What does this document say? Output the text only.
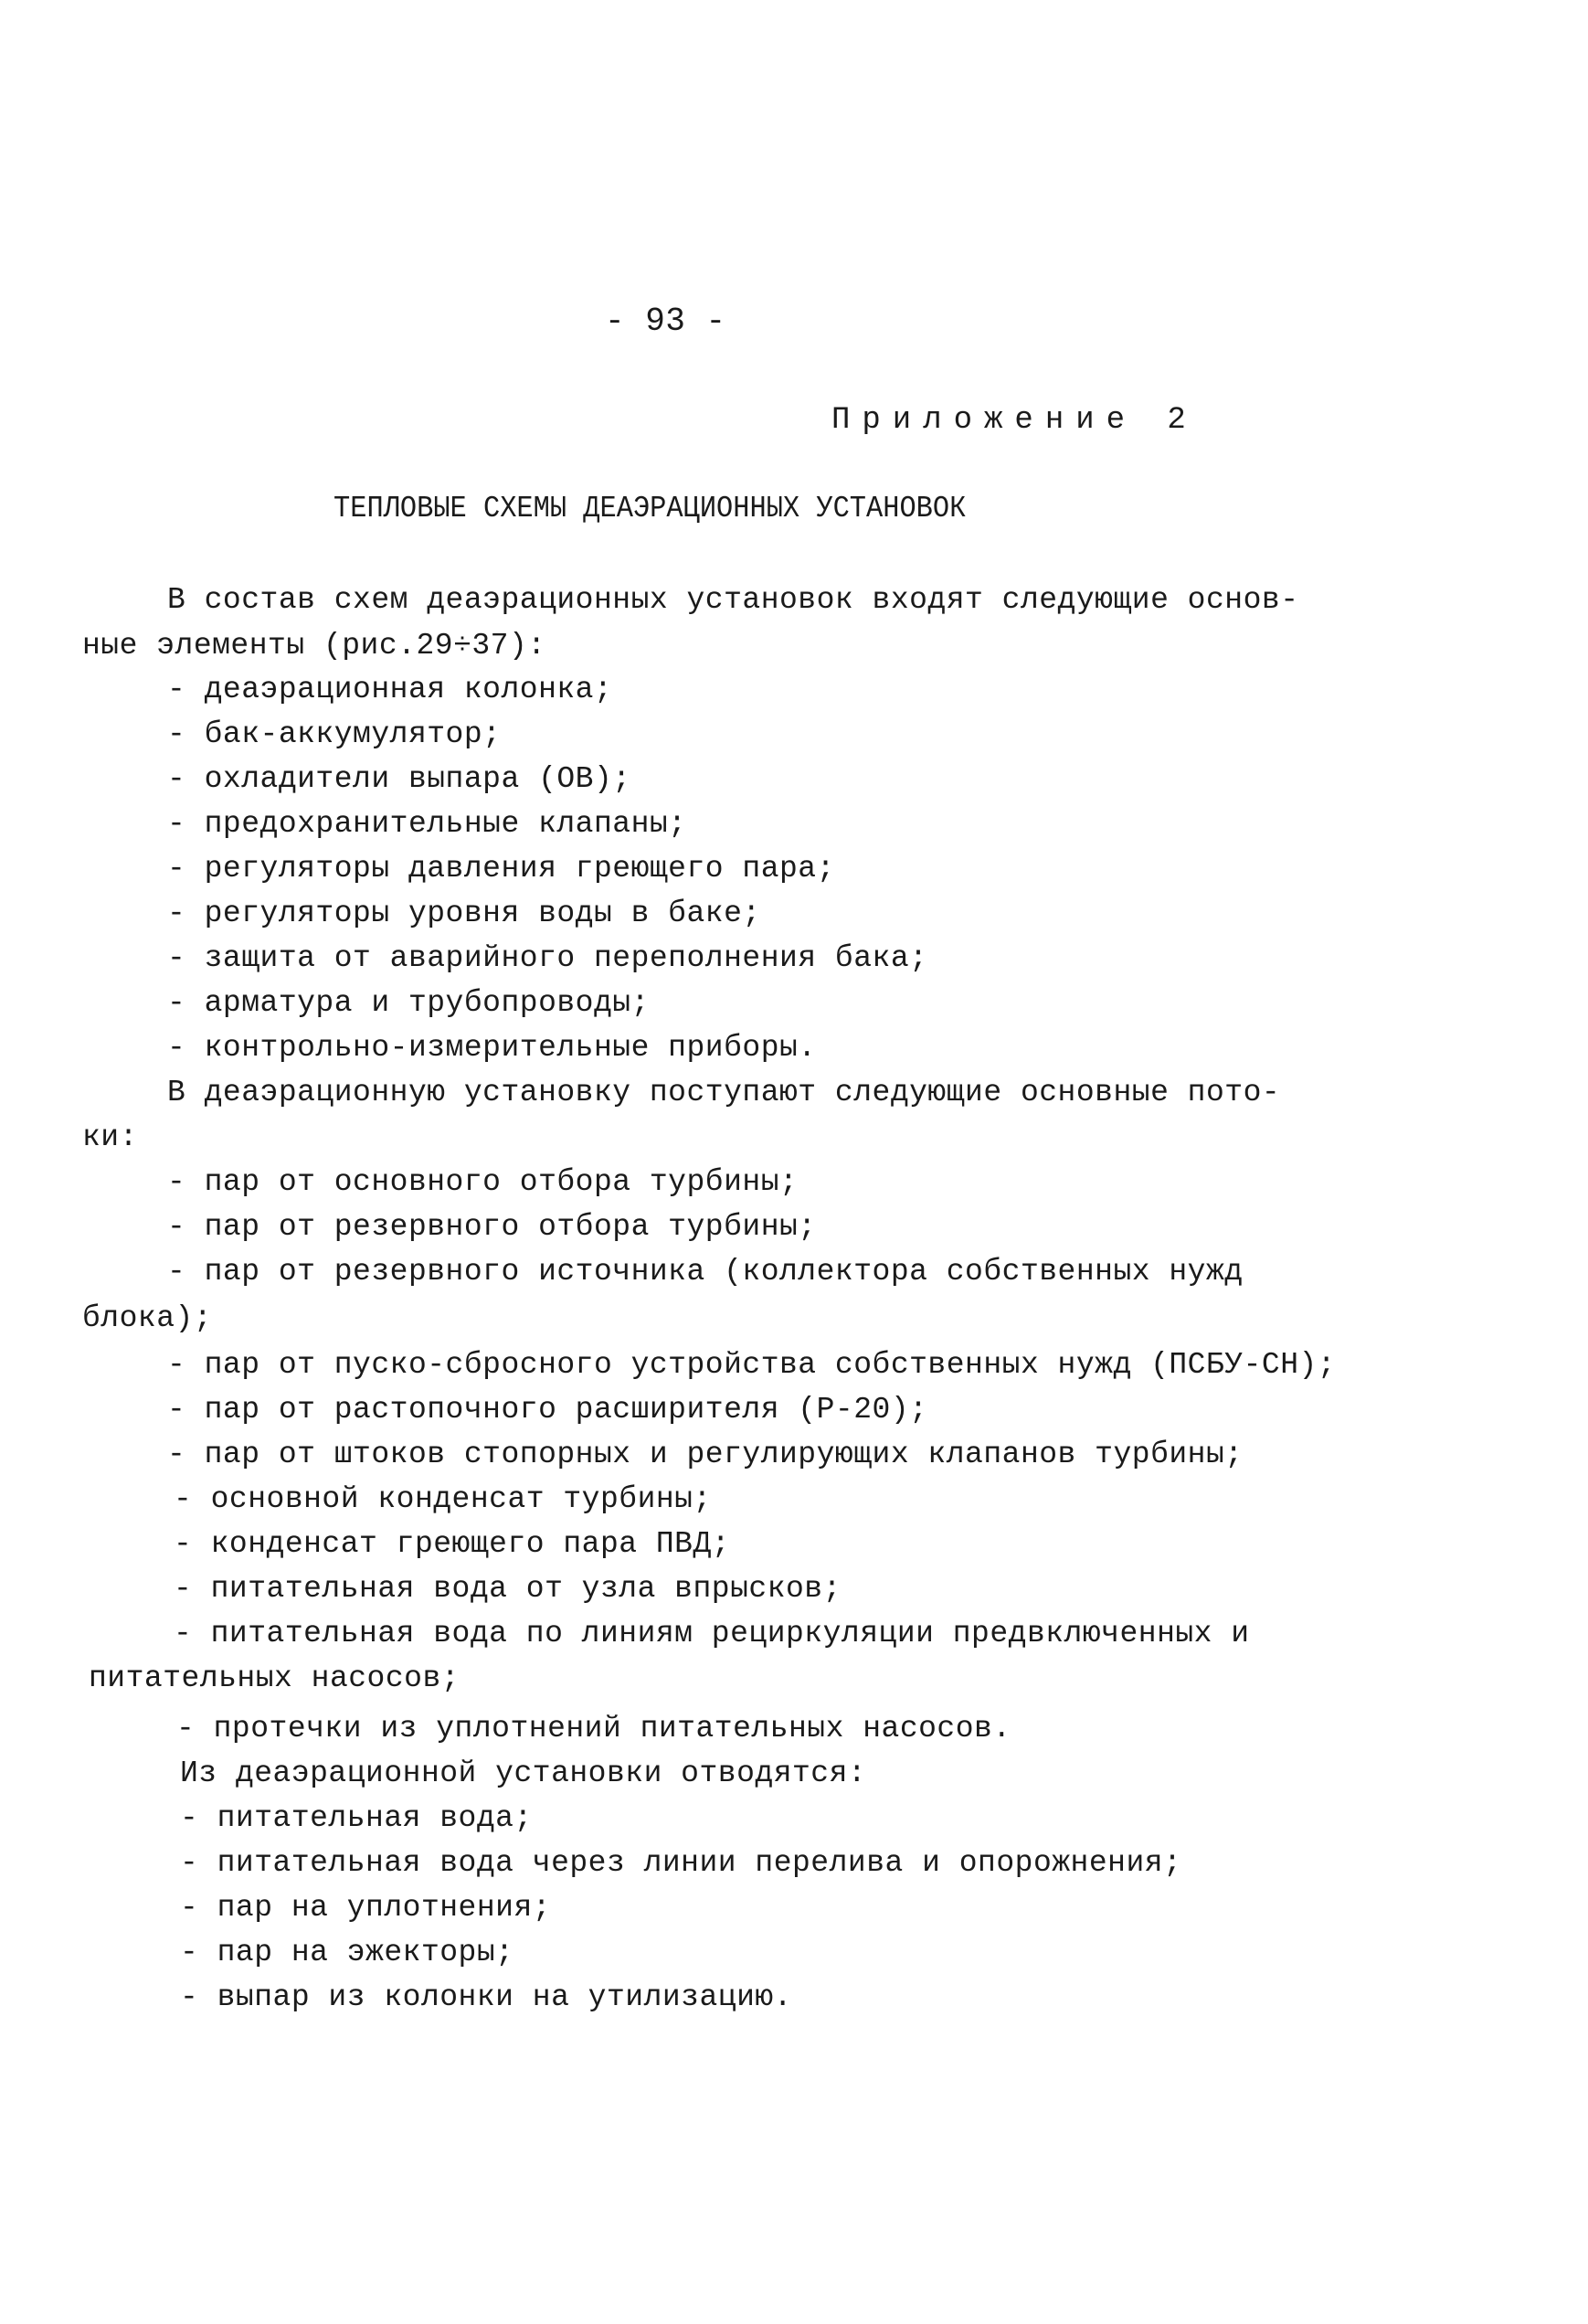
- 93 -
Приложение 2
ТЕПЛОВЫЕ СХЕМЫ ДЕАЭРАЦИОННЫХ УСТАНОВОК
В состав схем деаэрационных установок входят следующие основ-
ные элементы (рис.29÷37):
- деаэрационная колонка;
- бак-аккумулятор;
- охладители выпара (ОВ);
- предохранительные клапаны;
- регуляторы давления греющего пара;
- регуляторы уровня воды в баке;
- защита от аварийного переполнения бака;
- арматура и трубопроводы;
- контрольно-измерительные приборы.
В деаэрационную установку поступают следующие основные пото-
ки:
- пар от основного отбора турбины;
- пар от резервного отбора турбины;
- пар от резервного источника (коллектора собственных нужд
блока);
- пар от пуско-сбросного устройства собственных нужд (ПСБУ-СН);
- пар от растопочного расширителя (Р-20);
- пар от штоков стопорных и регулирующих клапанов турбины;
- основной конденсат турбины;
- конденсат греющего пара ПВД;
- питательная вода от узла впрысков;
- питательная вода по линиям рециркуляции предвключенных и
питательных насосов;
- протечки из уплотнений питательных насосов.
Из деаэрационной установки отводятся:
- питательная вода;
- питательная вода через линии перелива и опорожнения;
- пар на уплотнения;
- пар на эжекторы;
- выпар из колонки на утилизацию.
